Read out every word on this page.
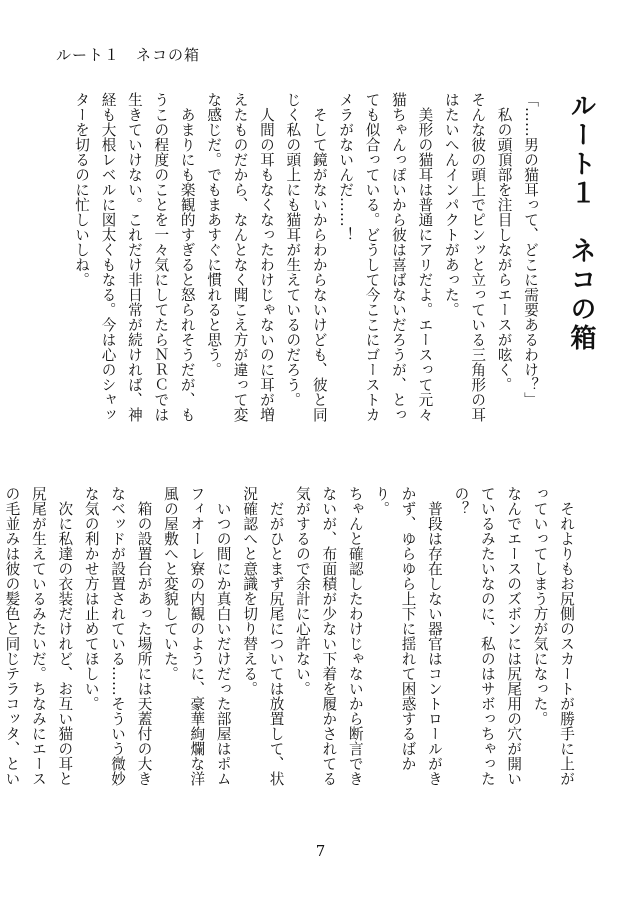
ルート１　ネコの箱
ルート１　ネコの箱

「……男の猫耳って、どこに需要あるわけ？」

私の頭頂部を注目しながらエースが呟く。

そんな彼の頭上でピンッと立っている三角形の耳はたいへんインパクトがあった。

美形の猫耳は普通にアリだよ。エースって元々猫ちゃんっぽいから彼は喜ばないだろうが、とっても似合っている。どうして今ここにゴーストカメラがないんだ……！

そして鏡がないからわからないけども、彼と同じく私の頭上にも猫耳が生えているのだろう。

人間の耳もなくなったわけじゃないのに耳が増えたものだから、なんとなく聞こえ方が違って変な感じだ。でもまあすぐに慣れると思う。

あまりにも楽観的すぎると怒られそうだが、もうこの程度のことを一々気にしてたらＮＲＣでは生きていけない。これだけ非日常が続ければ、神経も大根レベルに図太くもなる。今は心のシャッターを切るのに忙しいしね。

それよりもお尻側のスカートが勝手に上がっていってしまう方が気になった。

なんでエースのズボンには尻尾用の穴が開いているみたいなのに、私のはサボっちゃったの？

普段は存在しない器官はコントロールがきかず、ゆらゆら上下に揺れて困惑するばかり。

ちゃんと確認したわけじゃないから断言できないが、布面積が少ない下着を履かされてる気がするので余計に心許ない。

だがひとまず尻尾については放置して、状況確認へと意識を切り替える。

いつの間にか真白いだけだった部屋はポムフィオーレ寮の内観のように、豪華絢爛な洋風の屋敷へと変貌していた。

箱の設置台があった場所には天蓋付の大きなベッドが設置されている……そういう微妙な気の利かせ方は止めてほしい。

次に私達の衣装だけれど、お互い猫の耳と尻尾が生えているみたいだ。ちなみにエースの毛並みは彼の髪色と同じテラコッタ、とい

7
